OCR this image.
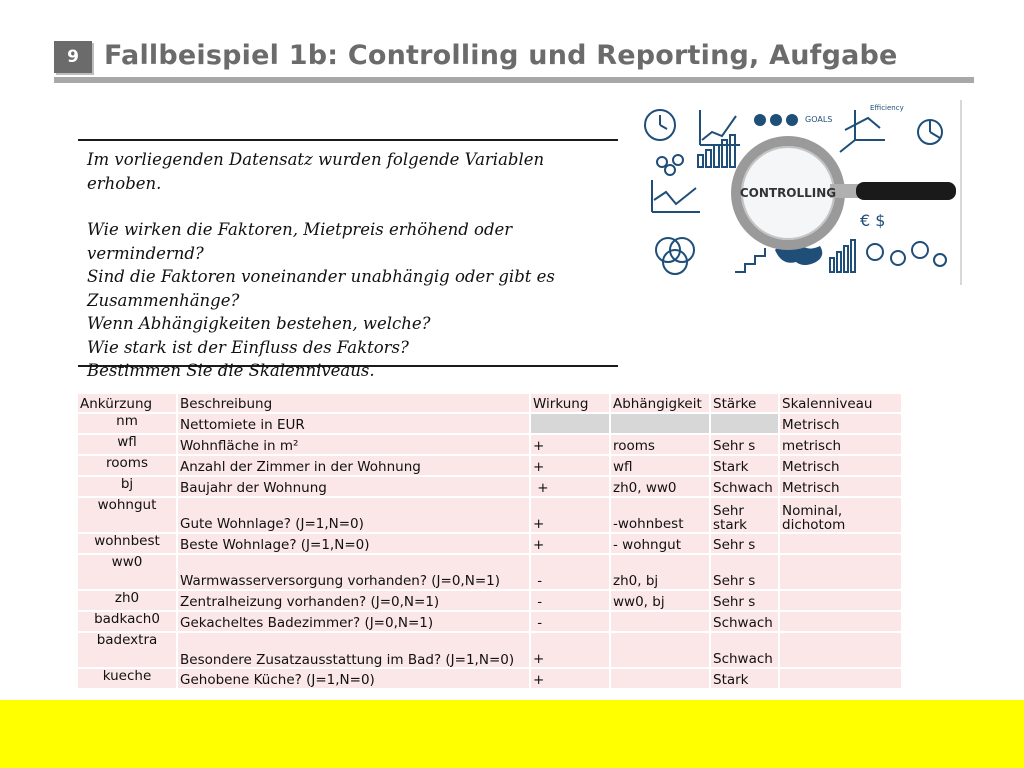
9 Fallbeispiel 1b: Controlling und Reporting, Aufgabe

Im vorliegenden Datensatz wurden folgende Variablen erhoben.

Wie wirken die Faktoren, Mietpreis erhöhend oder vermindernd?

Sind die Faktoren voneinander unabhängig oder gibt es Zusammenhänge?

Wenn Abhängigkeiten bestehen, welche?

Wie stark ist der Einfluss des Faktors?

Bestimmen Sie die Skalenniveaus.

€ $
GOALS
Efficiency
CONTROLLING
Ankürzung	Beschreibung	Wirkung	Abhängigkeit	Stärke	Skalenniveau
nm	Nettomiete in EUR				Metrisch
wfl	Wohnfläche in m²	+	rooms	Sehr s	metrisch
rooms	Anzahl der Zimmer in der Wohnung	+	wfl	Stark	Metrisch
bj	Baujahr der Wohnung	+	zh0, ww0	Schwach	Metrisch
wohngut	Gute Wohnlage? (J=1,N=0)	+	-wohnbest	Sehr stark	Nominal, dichotom
wohnbest	Beste Wohnlage? (J=1,N=0)	+	- wohngut	Sehr s	
ww0	Warmwasserversorgung vorhanden? (J=0,N=1)	-	zh0, bj	Sehr s	
zh0	Zentralheizung vorhanden? (J=0,N=1)	-	ww0, bj	Sehr s	
badkach0	Gekacheltes Badezimmer? (J=0,N=1)	-		Schwach	
badextra	Besondere Zusatzausstattung im Bad? (J=1,N=0)	+		Schwach	
kueche	Gehobene Küche? (J=1,N=0)	+		Stark	
